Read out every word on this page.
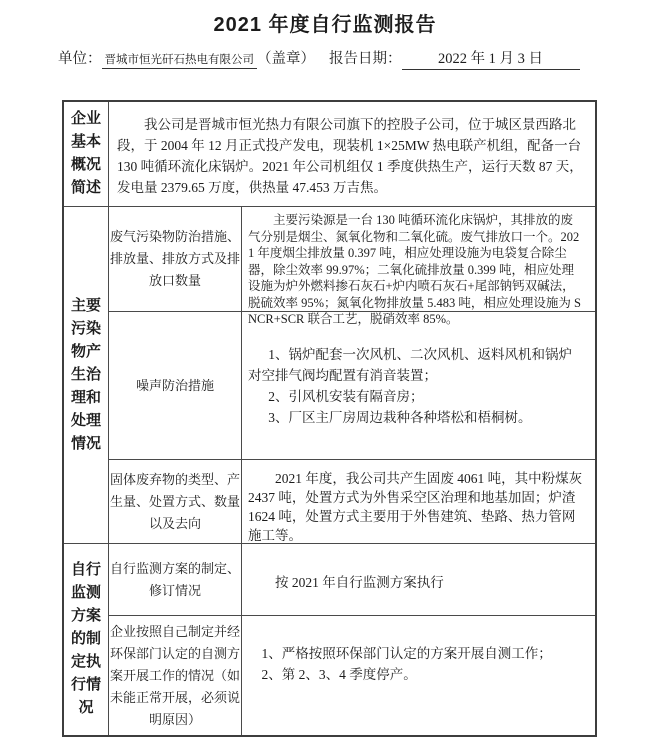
2021 年度自行监测报告
单位： 晋城市恒光矸石热电有限公司 （盖章） 报告日期：	2022 年 1 月 3 日
企业基本概况简述

我公司是晋城市恒光热力有限公司旗下的控股子公司，位于城区景西路北段，于 2004 年 12 月正式投产发电，现装机 1×25MW 热电联产机组，配备一台 130 吨循环流化床锅炉。2021 年公司机组仅 1 季度供热生产，运行天数 87 天，发电量 2379.65 万度，供热量 47.453 万吉焦。

主要污染物产生治理和处理情况
废气污染物防治措施、排放量、排放方式及排放口数量

主要污染源是一台 130 吨循环流化床锅炉，其排放的废气分别是烟尘、氮氧化物和二氧化硫。废气排放口一个。2021 年度烟尘排放量 0.397 吨，相应处理设施为电袋复合除尘器，除尘效率 99.97%；二氧化硫排放量 0.399 吨，相应处理设施为炉外燃料掺石灰石+炉内喷石灰石+尾部钠钙双碱法，脱硫效率 95%；氮氧化物排放量 5.483 吨，相应处理设施为 SNCR+SCR 联合工艺，脱硝效率 85%。

噪声防治措施

1、锅炉配套一次风机、二次风机、返料风机和锅炉对空排气阀均配置有消音装置；

2、引风机安装有隔音房；

3、厂区主厂房周边栽种各种塔松和梧桐树。

固体废弃物的类型、产生量、处置方式、数量以及去向

2021 年度，我公司共产生固废 4061 吨，其中粉煤灰 2437 吨，处置方式为外售采空区治理和地基加固；炉渣 1624 吨，处置方式主要用于外售建筑、垫路、热力管网施工等。

自行监测方案的制定执行情况
自行监测方案的制定、修订情况	按 2021 年自行监测方案执行

企业按照自己制定并经环保部门认定的自测方案开展工作的情况（如未能正常开展，必须说明原因）

1、严格按照环保部门认定的方案开展自测工作；

2、第 2、3、4 季度停产。
